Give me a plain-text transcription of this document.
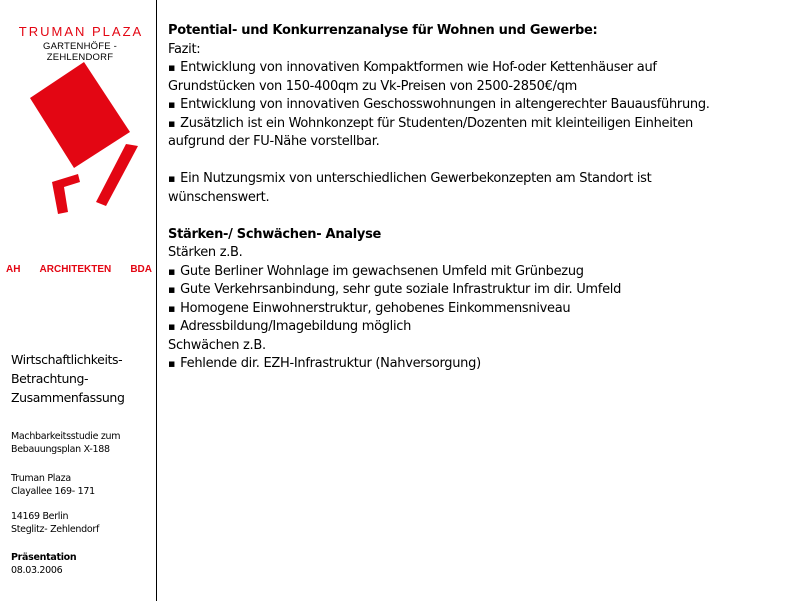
TRUMAN PLAZA

GARTENHÖFE -ZEHLENDORF

AH ARCHITEKTEN BDA

Wirtschaftlichkeits-
Betrachtung-
Zusammenfassung

Machbarkeitsstudie zum
Bebauungsplan X-188

Truman Plaza
Clayallee 169- 171

14169 Berlin
Steglitz- Zehlendorf

Präsentation
08.03.2006

Potential- und Konkurrenzanalyse für Wohnen und Gewerbe:

Fazit:

▪ Entwicklung von innovativen Kompaktformen wie Hof-oder Kettenhäuser auf

Grundstücken von 150-400qm zu Vk-Preisen von 2500-2850€/qm

▪ Entwicklung von innovativen Geschosswohnungen in altengerechter Bauausführung.

▪ Zusätzlich ist ein Wohnkonzept für Studenten/Dozenten mit kleinteiligen Einheiten

aufgrund der FU-Nähe vorstellbar.

▪ Ein Nutzungsmix von unterschiedlichen Gewerbekonzepten am Standort ist

wünschenswert.

Stärken-/ Schwächen- Analyse

Stärken z.B.

▪ Gute Berliner Wohnlage im gewachsenen Umfeld mit Grünbezug

▪ Gute Verkehrsanbindung, sehr gute soziale Infrastruktur im dir. Umfeld

▪ Homogene Einwohnerstruktur, gehobenes Einkommensniveau

▪ Adressbildung/Imagebildung möglich

Schwächen z.B.

▪ Fehlende dir. EZH-Infrastruktur (Nahversorgung)
